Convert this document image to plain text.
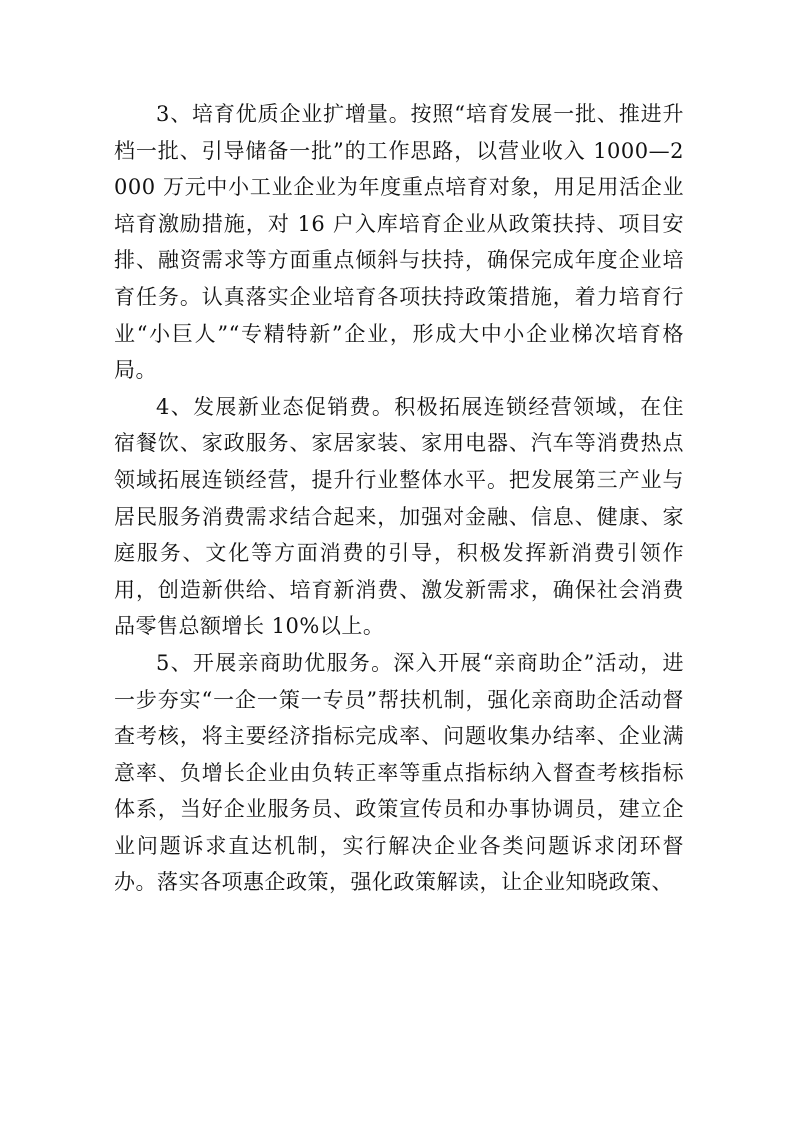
3、培育优质企业扩增量。按照“培育发展一批、推进升档一批、引导储备一批”的工作思路，以营业收入 1000—2000 万元中小工业企业为年度重点培育对象，用足用活企业培育激励措施，对 16 户入库培育企业从政策扶持、项目安排、融资需求等方面重点倾斜与扶持，确保完成年度企业培育任务。认真落实企业培育各项扶持政策措施，着力培育行业“小巨人”“专精特新”企业，形成大中小企业梯次培育格局。

4、发展新业态促销费。积极拓展连锁经营领域，在住宿餐饮、家政服务、家居家装、家用电器、汽车等消费热点领域拓展连锁经营，提升行业整体水平。把发展第三产业与居民服务消费需求结合起来，加强对金融、信息、健康、家庭服务、文化等方面消费的引导，积极发挥新消费引领作用，创造新供给、培育新消费、激发新需求，确保社会消费品零售总额增长 10%以上。

5、开展亲商助优服务。深入开展“亲商助企”活动，进一步夯实“一企一策一专员”帮扶机制，强化亲商助企活动督查考核，将主要经济指标完成率、问题收集办结率、企业满意率、负增长企业由负转正率等重点指标纳入督查考核指标体系，当好企业服务员、政策宣传员和办事协调员，建立企业问题诉求直达机制，实行解决企业各类问题诉求闭环督办。落实各项惠企政策，强化政策解读，让企业知晓政策、
